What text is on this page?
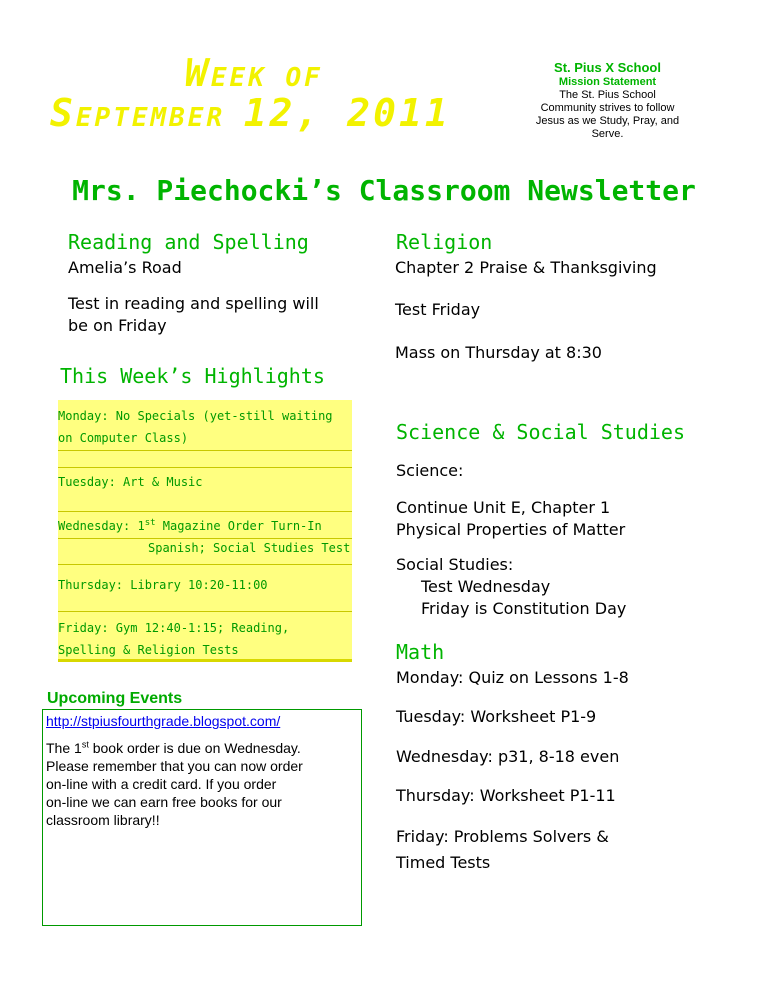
WEEK OF
SEPTEMBER 12, 2011
St. Pius X School
Mission Statement
The St. Pius School
Community strives to follow
Jesus as we Study, Pray, and
Serve.
Mrs. Piechocki’s Classroom Newsletter
Reading and Spelling
Amelia’s Road
Test in reading and spelling will
be on Friday
This Week’s Highlights
Monday: No Specials (yet-still waiting
on Computer Class)
Tuesday: Art & Music
Wednesday: 1st Magazine Order Turn-In
Spanish; Social Studies Test
Thursday: Library 10:20-11:00
Friday: Gym 12:40-1:15; Reading,
Spelling & Religion Tests
Upcoming Events
http://stpiusfourthgrade.blogspot.com/
The 1st book order is due on Wednesday.
Please remember that you can now order
on-line with a credit card. If you order
on-line we can earn free books for our
classroom library!!
Religion
Chapter 2 Praise & Thanksgiving
Test Friday
Mass on Thursday at 8:30
Science & Social Studies
Science:
Continue Unit E, Chapter 1
Physical Properties of Matter
Social Studies:
Test Wednesday
Friday is Constitution Day
Math
Monday: Quiz on Lessons 1-8
Tuesday: Worksheet P1-9
Wednesday: p31, 8-18 even
Thursday: Worksheet P1-11
Friday: Problems Solvers &
Timed Tests
